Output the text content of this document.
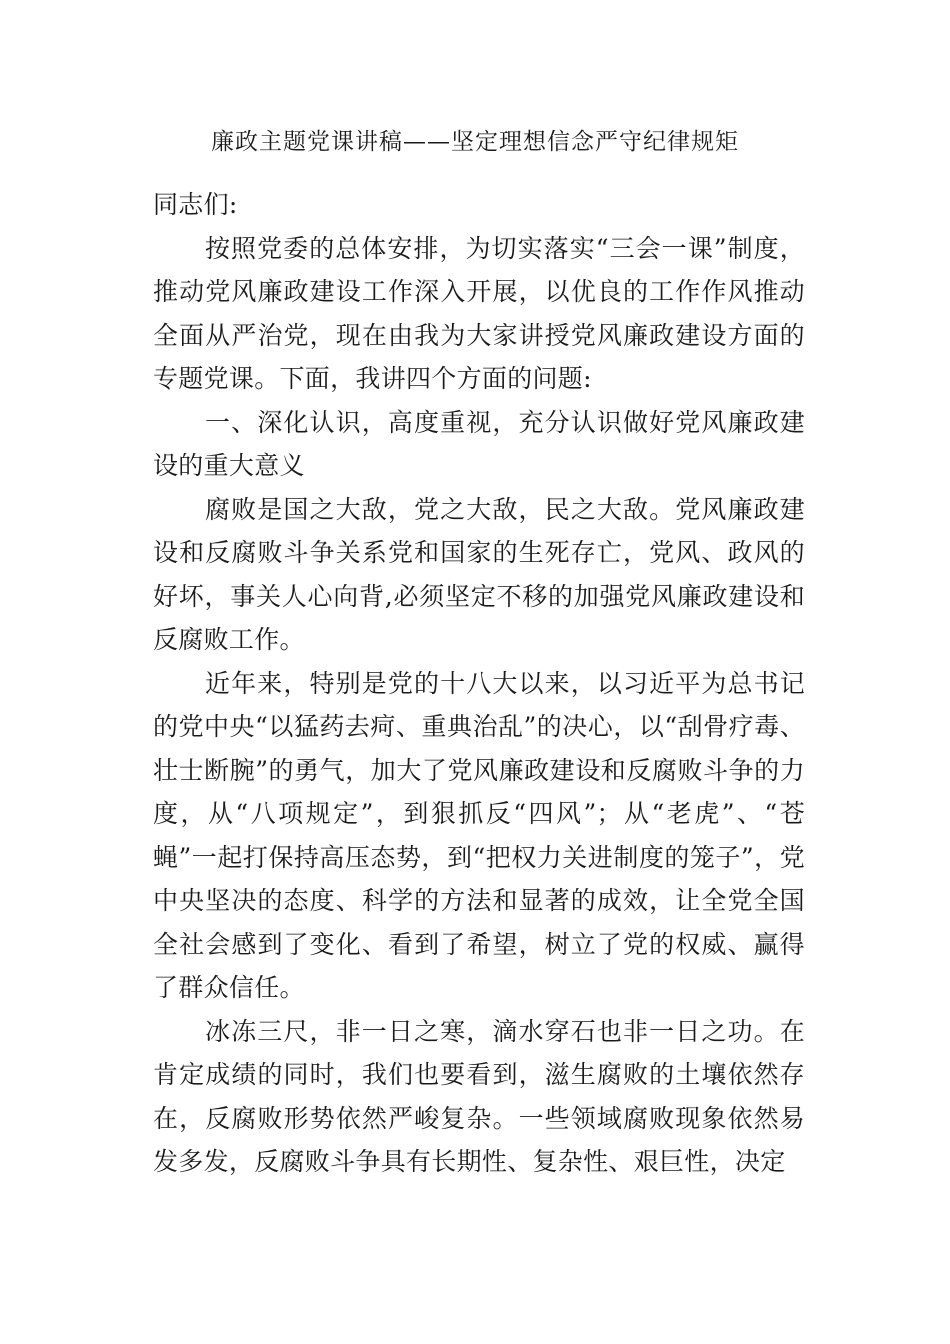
廉政主题党课讲稿——坚定理想信念严守纪律规矩

同志们:

按照党委的总体安排，为切实落实“三会一课”制度，推动党风廉政建设工作深入开展，以优良的工作作风推动全面从严治党，现在由我为大家讲授党风廉政建设方面的专题党课。下面，我讲四个方面的问题:

一、深化认识，高度重视，充分认识做好党风廉政建设的重大意义

腐败是国之大敌，党之大敌，民之大敌。党风廉政建设和反腐败斗争关系党和国家的生死存亡，党风、政风的好坏，事关人心向背,必须坚定不移的加强党风廉政建设和反腐败工作。

近年来，特别是党的十八大以来，以习近平为总书记的党中央“以猛药去疴、重典治乱”的决心，以“刮骨疗毒、壮士断腕”的勇气，加大了党风廉政建设和反腐败斗争的力度，从“八项规定”，到狠抓反“四风”；从“老虎”、“苍蝇”一起打保持高压态势，到“把权力关进制度的笼子”，党中央坚决的态度、科学的方法和显著的成效，让全党全国全社会感到了变化、看到了希望，树立了党的权威、赢得了群众信任。

冰冻三尺，非一日之寒，滴水穿石也非一日之功。在肯定成绩的同时，我们也要看到，滋生腐败的土壤依然存在，反腐败形势依然严峻复杂。一些领域腐败现象依然易发多发，反腐败斗争具有长期性、复杂性、艰巨性，决定
